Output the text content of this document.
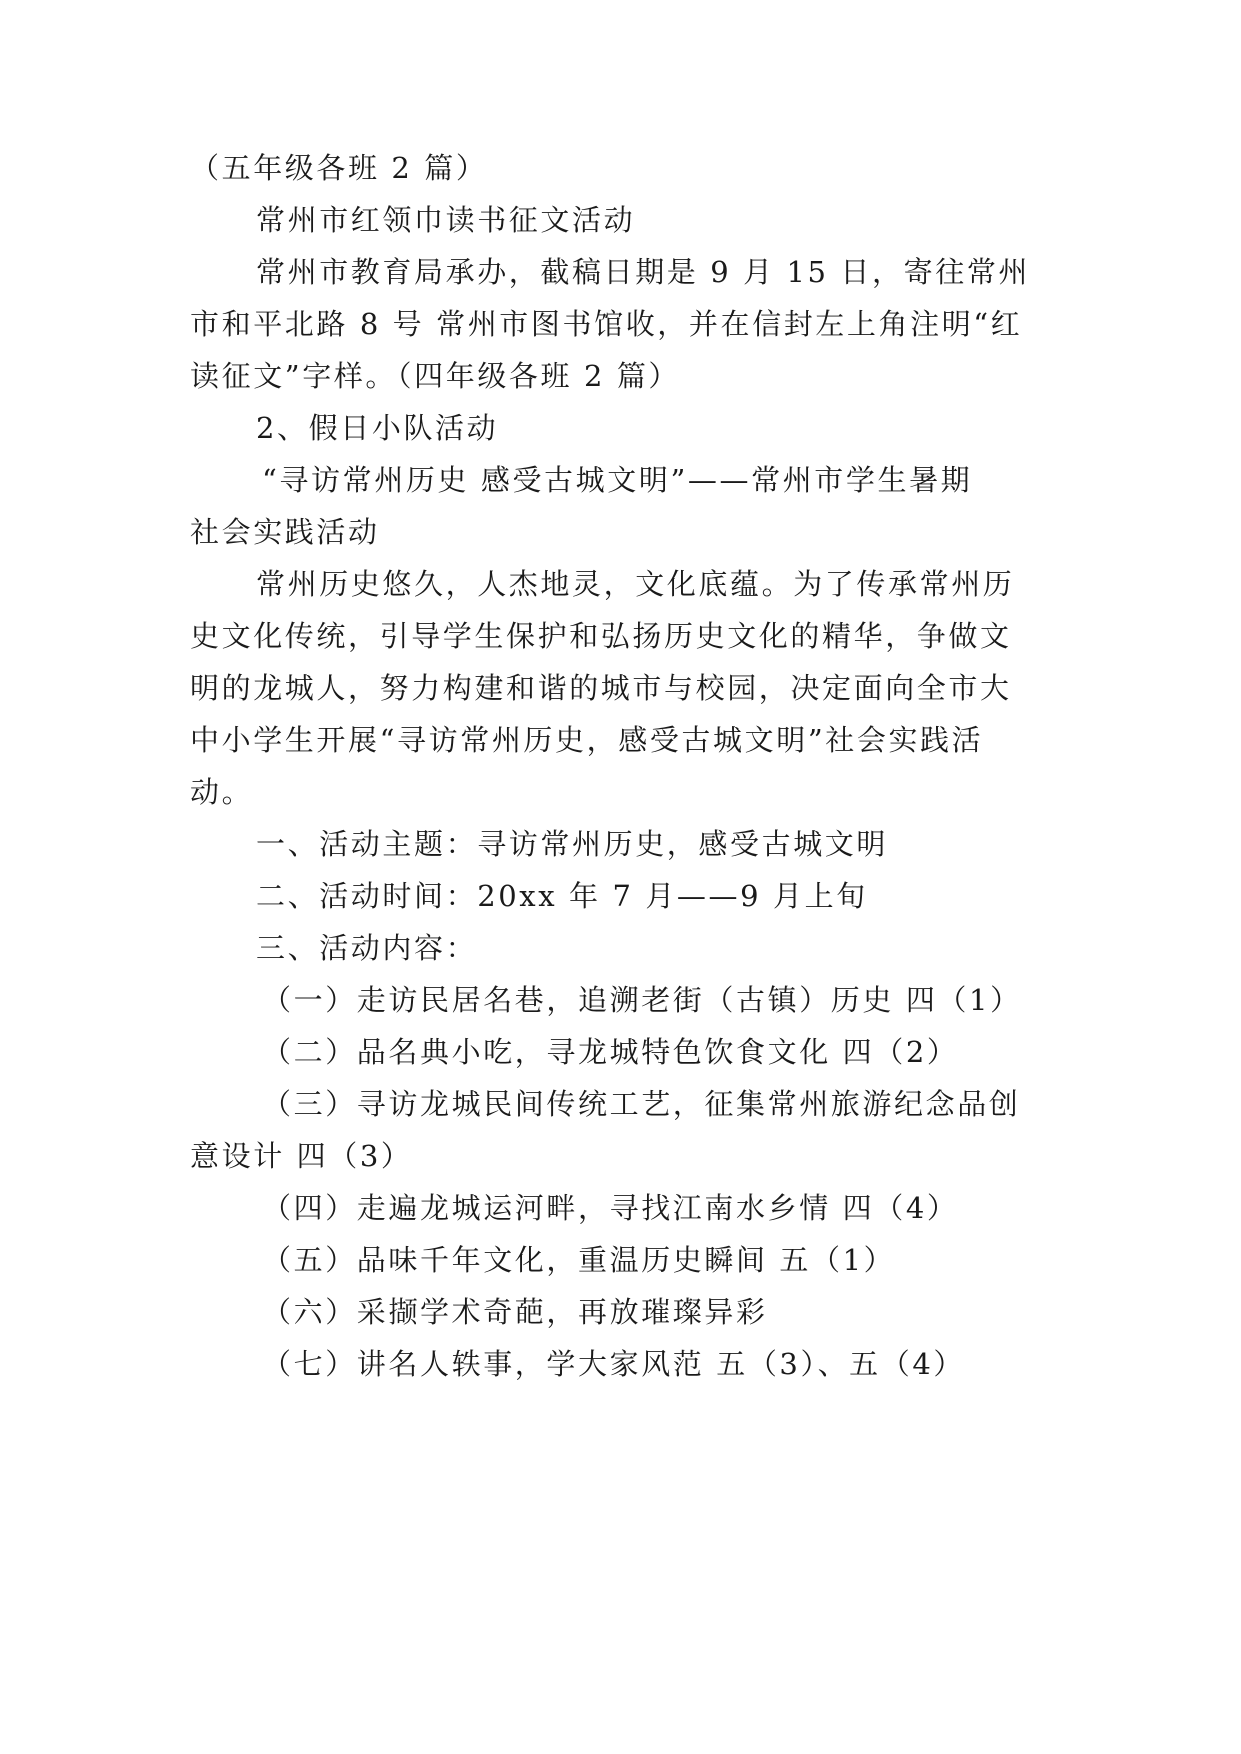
（五年级各班 2 篇）

常州市红领巾读书征文活动

常州市教育局承办，截稿日期是 9 月 15 日，寄往常州

市和平北路 8 号 常州市图书馆收，并在信封左上角注明“红

读征文”字样。（四年级各班 2 篇）

2、假日小队活动

“寻访常州历史 感受古城文明”——常州市学生暑期

社会实践活动

常州历史悠久，人杰地灵，文化底蕴。为了传承常州历

史文化传统，引导学生保护和弘扬历史文化的精华，争做文

明的龙城人，努力构建和谐的城市与校园，决定面向全市大

中小学生开展“寻访常州历史，感受古城文明”社会实践活

动。

一、活动主题：寻访常州历史，感受古城文明

二、活动时间：20xx 年 7 月——9 月上旬

三、活动内容：

（一）走访民居名巷，追溯老街（古镇）历史 四（1）

（二）品名典小吃，寻龙城特色饮食文化 四（2）

（三）寻访龙城民间传统工艺，征集常州旅游纪念品创

意设计 四（3）

（四）走遍龙城运河畔，寻找江南水乡情 四（4）

（五）品味千年文化，重温历史瞬间 五（1）

（六）采撷学术奇葩，再放璀璨异彩

（七）讲名人轶事，学大家风范 五（3）、五（4）
